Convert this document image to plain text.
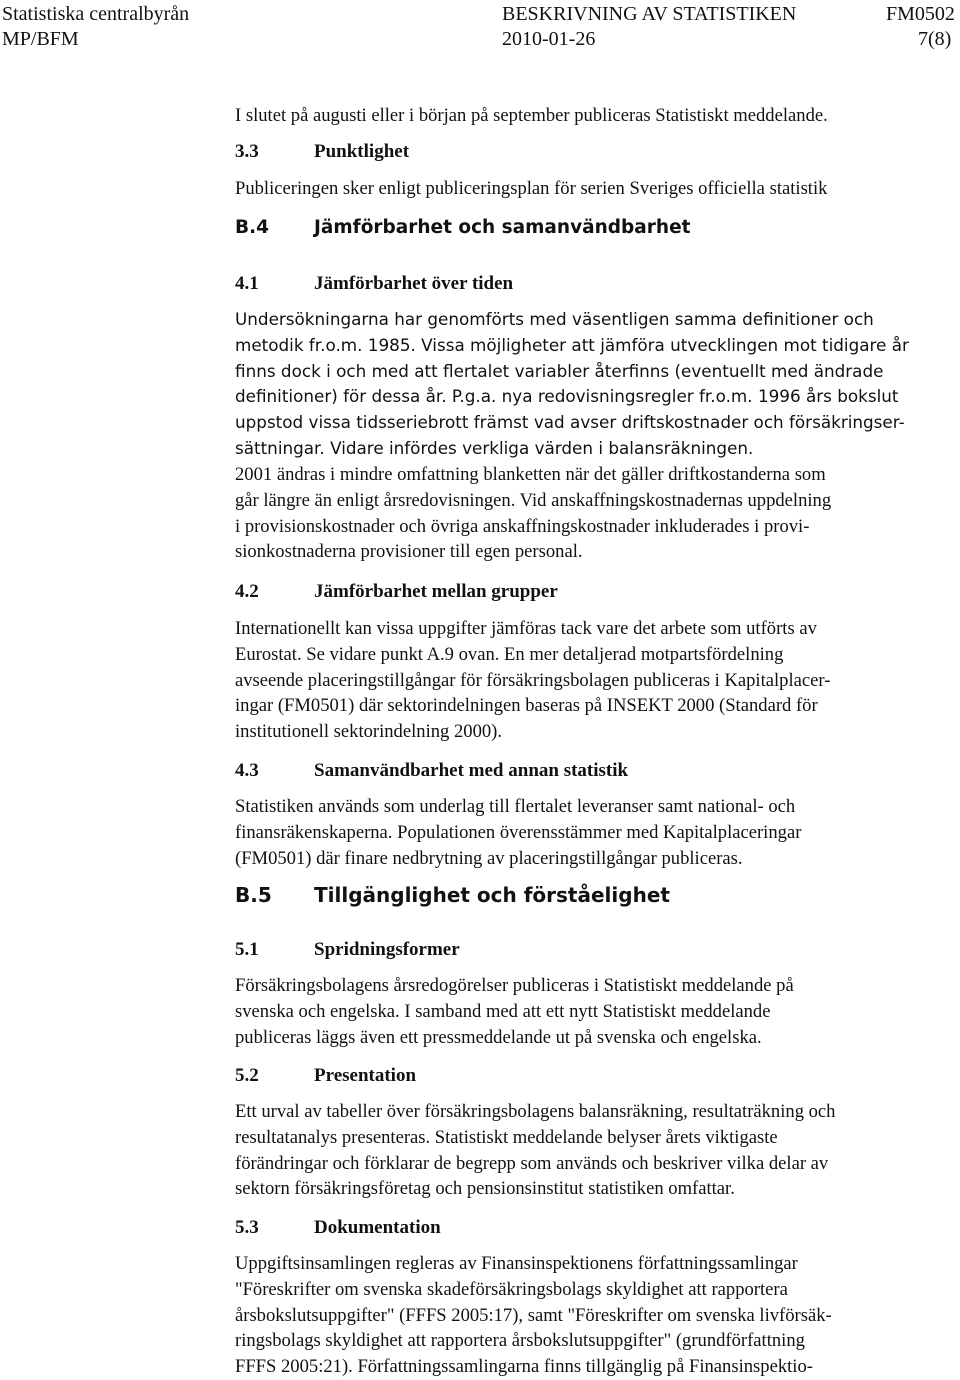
Statistiska centralbyrån	BESKRIVNING AV STATISTIKEN	FM0502
MP/BFM	2010-01-26	7(8)

I slutet på augusti eller i början på september publiceras Statistiskt meddelande.

3.3	Punktlighet

Publiceringen sker enligt publiceringsplan för serien Sveriges officiella statistik

B.4 Jämförbarhet och samanvändbarhet
4.1	Jämförbarhet över tiden

Undersökningarna har genomförts med väsentligen samma definitioner och
metodik fr.o.m. 1985. Vissa möjligheter att jämföra utvecklingen mot tidigare år
finns dock i och med att flertalet variabler återfinns (eventuellt med ändrade
definitioner) för dessa år. P.g.a. nya redovisningsregler fr.o.m. 1996 års bokslut
uppstod vissa tidsseriebrott främst vad avser driftskostnader och försäkringser-
sättningar. Vidare infördes verkliga värden i balansräkningen.

2001 ändras i mindre omfattning blanketten när det gäller driftkostanderna som
går längre än enligt årsredovisningen. Vid anskaffningskostnadernas uppdelning
i provisionskostnader och övriga anskaffningskostnader inkluderades i provi-
sionkostnaderna provisioner till egen personal.

4.2	Jämförbarhet mellan grupper

Internationellt kan vissa uppgifter jämföras tack vare det arbete som utförts av
Eurostat. Se vidare punkt A.9 ovan. En mer detaljerad motpartsfördelning
avseende placeringstillgångar för försäkringsbolagen publiceras i Kapitalplacer-
ingar (FM0501) där sektorindelningen baseras på INSEKT 2000 (Standard för
institutionell sektorindelning 2000).

4.3	Samanvändbarhet med annan statistik

Statistiken används som underlag till flertalet leveranser samt national- och
finansräkenskaperna. Populationen överensstämmer med Kapitalplaceringar
(FM0501) där finare nedbrytning av placeringstillgångar publiceras.

B.5 Tillgänglighet och förståelighet
5.1	Spridningsformer

Försäkringsbolagens årsredogörelser publiceras i Statistiskt meddelande på
svenska och engelska. I samband med att ett nytt Statistiskt meddelande
publiceras läggs även ett pressmeddelande ut på svenska och engelska.

5.2	Presentation

Ett urval av tabeller över försäkringsbolagens balansräkning, resultaträkning och
resultatanalys presenteras. Statistiskt meddelande belyser årets viktigaste
förändringar och förklarar de begrepp som används och beskriver vilka delar av
sektorn försäkringsföretag och pensionsinstitut statistiken omfattar.

5.3	Dokumentation

Uppgiftsinsamlingen regleras av Finansinspektionens författningssamlingar
"Föreskrifter om svenska skadeförsäkringsbolags skyldighet att rapportera
årsbokslutsuppgifter" (FFFS 2005:17), samt "Föreskrifter om svenska livförsäk-
ringsbolags skyldighet att rapportera årsbokslutsuppgifter" (grundförfattning
FFFS 2005:21). Författningssamlingarna finns tillgänglig på Finansinspektio-
